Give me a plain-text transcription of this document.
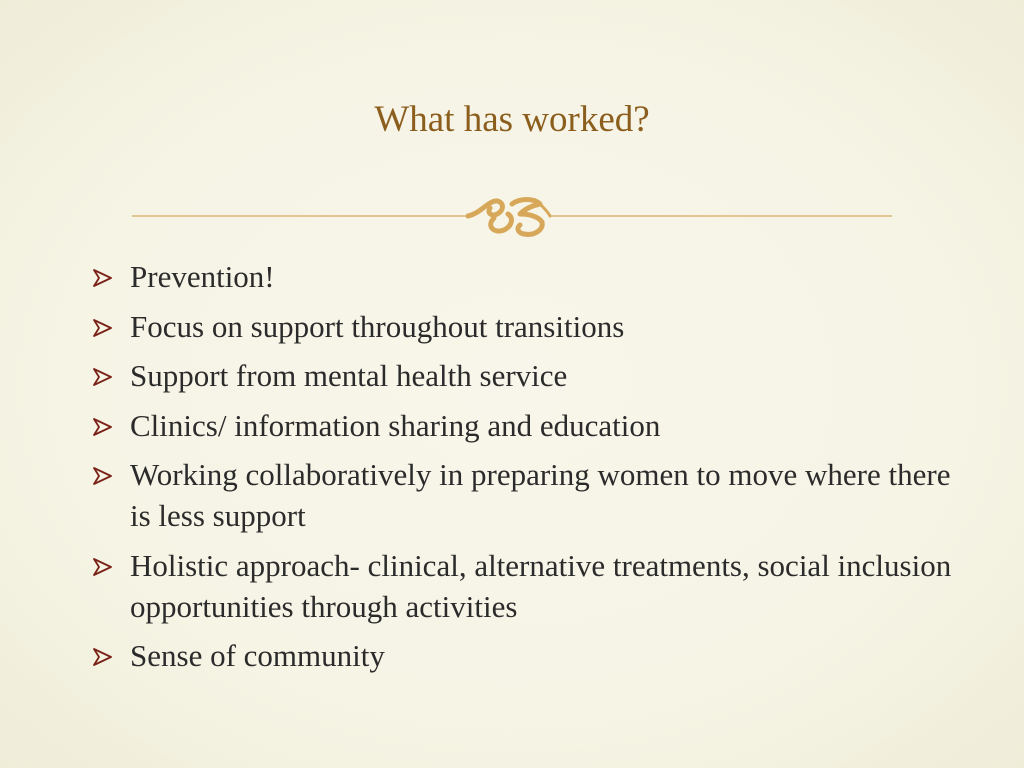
What has worked?
Prevention!
Focus on support throughout transitions
Support from mental health service
Clinics/ information sharing and education
Working collaboratively in preparing women to move where there is less support
Holistic approach- clinical, alternative treatments, social inclusion opportunities through activities
Sense of community
